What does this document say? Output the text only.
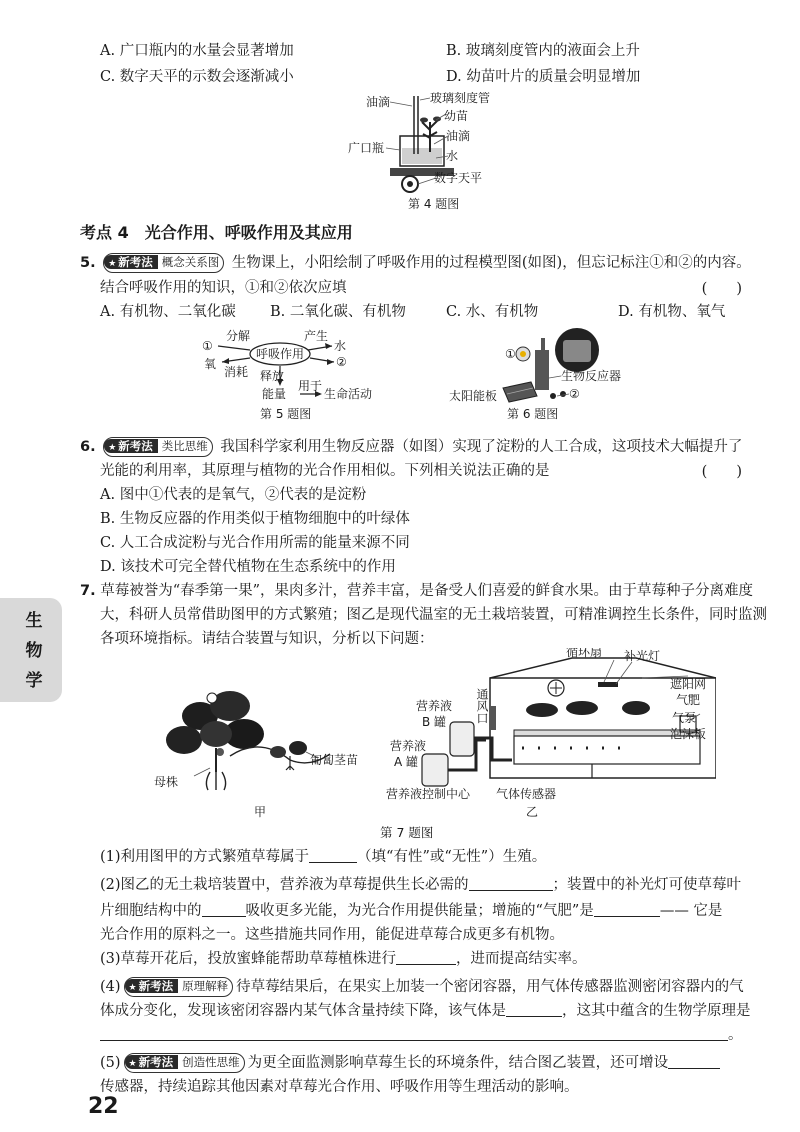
A. 广口瓶内的水量会显著增加	B. 玻璃刻度管内的液面会上升
C. 数字天平的示数会逐渐减小	D. 幼苗叶片的质量会明显增加
油滴	玻璃刻度管
幼苗
油滴
广口瓶
水
数字天平
第 4 题图
考点 4　光合作用、呼吸作用及其应用
5. ★ 新考法 概念关系图 生物课上，小阳绘制了呼吸作用的过程模型图(如图)，但忘记标注①和②的内容。
结合呼吸作用的知识，①和②依次应填	(　　)
A. 有机物、二氧化碳 B. 二氧化碳、有机物	C. 水、有机物	D. 有机物、氧气
①
分解	产生
水
②
氧
消耗
呼吸作用
释放
能量
用于
生命活动
第 5 题图
①
生物反应器
②
太阳能板
第 6 题图
6. ★ 新考法 类比思维 我国科学家利用生物反应器（如图）实现了淀粉的人工合成，这项技术大幅提升了
光能的利用率，其原理与植物的光合作用相似。下列相关说法正确的是	(　　)
A. 图中①代表的是氧气，②代表的是淀粉
B. 生物反应器的作用类似于植物细胞中的叶绿体
C. 人工合成淀粉与光合作用所需的能量来源不同
D. 该技术可完全替代植物在生态系统中的作用
生
物
学
7. 草莓被誉为“春季第一果”，果肉多汁，营养丰富，是备受人们喜爱的鲜食水果。由于草莓种子分离难度
大，科研人员常借助图甲的方式繁殖；图乙是现代温室的无土栽培装置，可精准调控生长条件，同时监测
各项环境指标。请结合装置与知识，分析以下问题：
匍匐茎苗
母株
甲
循环扇 补光灯
遮阳网
气肥
气泵
泡沫板
通风口
营养液
B 罐
营养液
A 罐
营养液控制中心 气体传感器
乙
第 7 题图
(1)利用图甲的方式繁殖草莓属于	（填“有性”或“无性”）生殖。
(2)图乙的无土栽培装置中，营养液为草莓提供生长必需的	；装置中的补光灯可使草莓叶
片细胞结构中的	吸收更多光能，为光合作用提供能量；增施的“气肥”是	—— 它是
光合作用的原料之一。这些措施共同作用，能促进草莓合成更多有机物。
(3)草莓开花后，投放蜜蜂能帮助草莓植株进行	，进而提高结实率。
(4) ★ 新考法 原理解释 待草莓结果后，在果实上加装一个密闭容器，用气体传感器监测密闭容器内的气
体成分变化，发现该密闭容器内某气体含量持续下降，该气体是	，这其中蕴含的生物学原理是
。
(5) ★ 新考法 创造性思维 为更全面监测影响草莓生长的环境条件，结合图乙装置，还可增设
传感器，持续追踪其他因素对草莓光合作用、呼吸作用等生理活动的影响。
22
